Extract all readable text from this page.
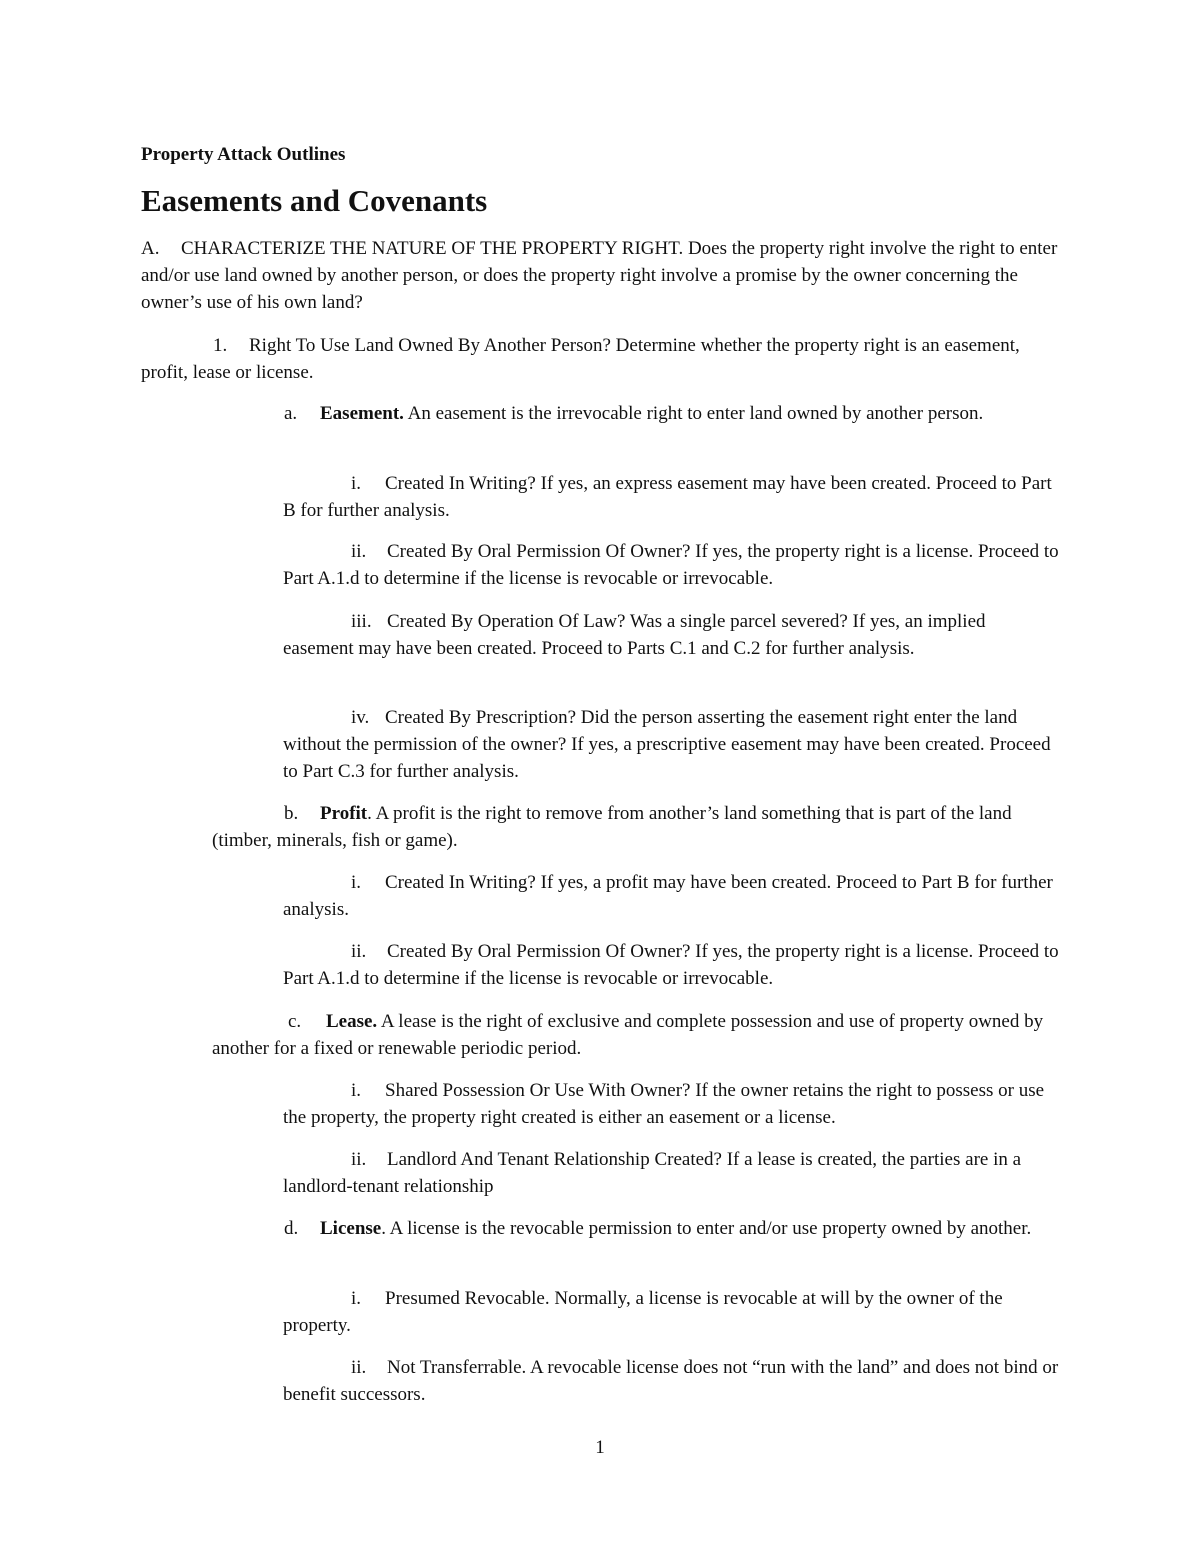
Property Attack Outlines
Easements and Covenants

A. CHARACTERIZE THE NATURE OF THE PROPERTY RIGHT. Does the property right involve the right to enter and/or use land owned by another person, or does the property right involve a promise by the owner concerning the owner’s use of his own land?

1. Right To Use Land Owned By Another Person? Determine whether the property right is an easement, profit, lease or license.

a. Easement. An easement is the irrevocable right to enter land owned by another person.

i. Created In Writing? If yes, an express easement may have been created. Proceed to Part B for further analysis.

ii. Created By Oral Permission Of Owner? If yes, the property right is a license. Proceed to Part A.1.d to determine if the license is revocable or irrevocable.

iii. Created By Operation Of Law? Was a single parcel severed? If yes, an implied easement may have been created. Proceed to Parts C.1 and C.2 for further analysis.

iv. Created By Prescription? Did the person asserting the easement right enter the land without the permission of the owner? If yes, a prescriptive easement may have been created. Proceed to Part C.3 for further analysis.

b. Profit. A profit is the right to remove from another’s land something that is part of the land (timber, minerals, fish or game).

i. Created In Writing? If yes, a profit may have been created. Proceed to Part B for further analysis.

ii. Created By Oral Permission Of Owner? If yes, the property right is a license. Proceed to Part A.1.d to determine if the license is revocable or irrevocable.

c. Lease. A lease is the right of exclusive and complete possession and use of property owned by another for a fixed or renewable periodic period.

i. Shared Possession Or Use With Owner? If the owner retains the right to possess or use the property, the property right created is either an easement or a license.

ii. Landlord And Tenant Relationship Created? If a lease is created, the parties are in a landlord-tenant relationship

d. License. A license is the revocable permission to enter and/or use property owned by another.

i. Presumed Revocable. Normally, a license is revocable at will by the owner of the property.

ii. Not Transferrable. A revocable license does not “run with the land” and does not bind or benefit successors.

1
